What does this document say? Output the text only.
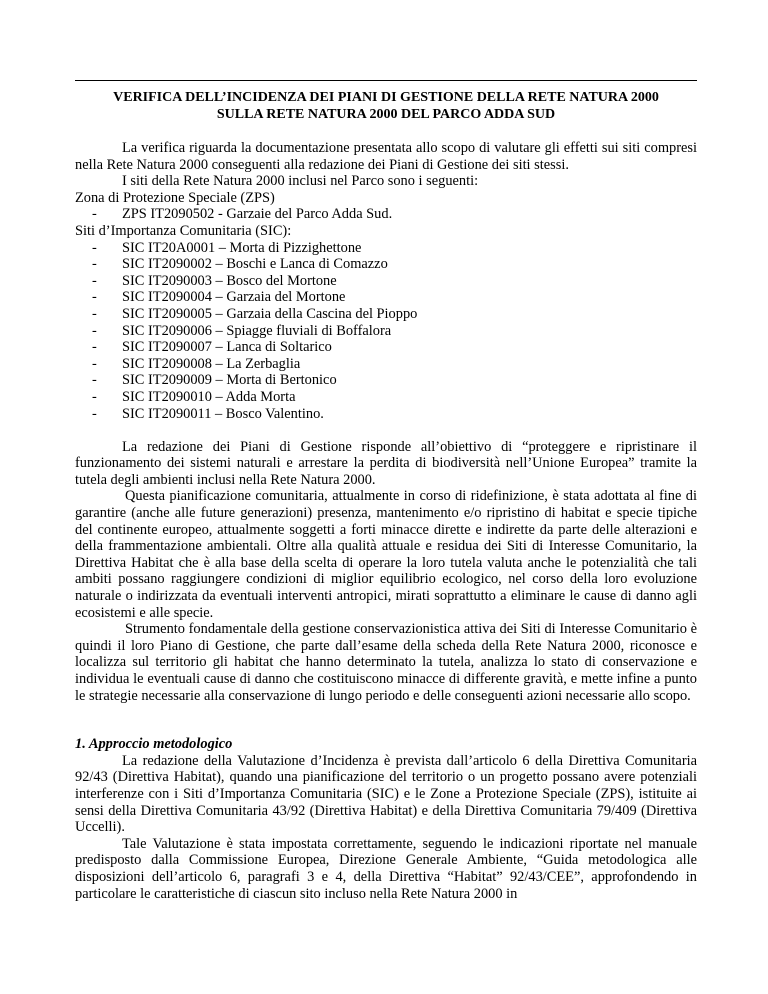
VERIFICA DELL’INCIDENZA DEI PIANI DI GESTIONE DELLA RETE NATURA 2000
SULLA RETE NATURA 2000 DEL PARCO ADDA SUD

La verifica riguarda la documentazione presentata allo scopo di valutare gli effetti sui siti compresi nella Rete Natura 2000 conseguenti alla redazione dei Piani di Gestione dei siti stessi.

I siti della Rete Natura 2000 inclusi nel Parco sono i seguenti:

Zona di Protezione Speciale (ZPS)

- ZPS IT2090502 - Garzaie del Parco Adda Sud.

Siti d’Importanza Comunitaria (SIC):

- SIC IT20A0001 – Morta di Pizzighettone
- SIC IT2090002 – Boschi e Lanca di Comazzo
- SIC IT2090003 – Bosco del Mortone
- SIC IT2090004 – Garzaia del Mortone
- SIC IT2090005 – Garzaia della Cascina del Pioppo
- SIC IT2090006 – Spiagge fluviali di Boffalora
- SIC IT2090007 – Lanca di Soltarico
- SIC IT2090008 – La Zerbaglia
- SIC IT2090009 – Morta di Bertonico
- SIC IT2090010 – Adda Morta
- SIC IT2090011 – Bosco Valentino.

La redazione dei Piani di Gestione risponde all’obiettivo di “proteggere e ripristinare il funzionamento dei sistemi naturali e arrestare la perdita di biodiversità nell’Unione Europea” tramite la tutela degli ambienti inclusi nella Rete Natura 2000.

Questa pianificazione comunitaria, attualmente in corso di ridefinizione, è stata adottata al fine di garantire (anche alle future generazioni) presenza, mantenimento e/o ripristino di habitat e specie tipiche del continente europeo, attualmente soggetti a forti minacce dirette e indirette da parte delle alterazioni e della frammentazione ambientali. Oltre alla qualità attuale e residua dei Siti di Interesse Comunitario, la Direttiva Habitat che è alla base della scelta di operare la loro tutela valuta anche le potenzialità che tali ambiti possano raggiungere condizioni di miglior equilibrio ecologico, nel corso della loro evoluzione naturale o indirizzata da eventuali interventi antropici, mirati soprattutto a eliminare le cause di danno agli ecosistemi e alle specie.

Strumento fondamentale della gestione conservazionistica attiva dei Siti di Interesse Comunitario è quindi il loro Piano di Gestione, che parte dall’esame della scheda della Rete Natura 2000, riconosce e localizza sul territorio gli habitat che hanno determinato la tutela, analizza lo stato di conservazione e individua le eventuali cause di danno che costituiscono minacce di differente gravità, e mette infine a punto le strategie necessarie alla conservazione di lungo periodo e delle conseguenti azioni necessarie allo scopo.

1. Approccio metodologico

La redazione della Valutazione d’Incidenza è prevista dall’articolo 6 della Direttiva Comunitaria 92/43 (Direttiva Habitat), quando una pianificazione del territorio o un progetto possano avere potenziali interferenze con i Siti d’Importanza Comunitaria (SIC) e le Zone a Protezione Speciale (ZPS), istituite ai sensi della Direttiva Comunitaria 43/92 (Direttiva Habitat) e della Direttiva Comunitaria 79/409 (Direttiva Uccelli).

Tale Valutazione è stata impostata correttamente, seguendo le indicazioni riportate nel manuale predisposto dalla Commissione Europea, Direzione Generale Ambiente, “Guida metodologica alle disposizioni dell’articolo 6, paragrafi 3 e 4, della Direttiva “Habitat” 92/43/CEE”, approfondendo in particolare le caratteristiche di ciascun sito incluso nella Rete Natura 2000 in
